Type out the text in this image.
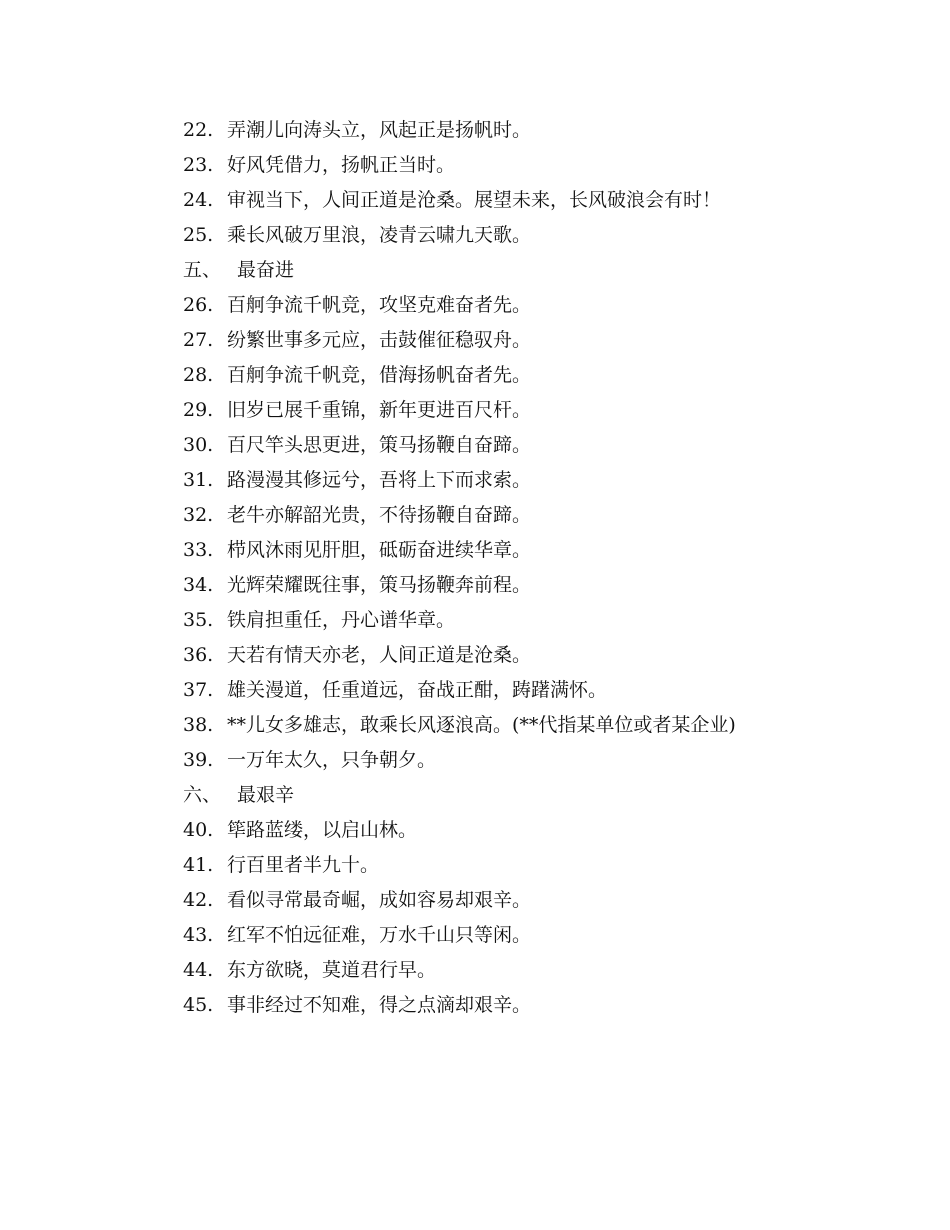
22. 弄潮儿向涛头立，风起正是扬帆时。
23. 好风凭借力，扬帆正当时。
24. 审视当下，人间正道是沧桑。展望未来，长风破浪会有时！
25. 乘长风破万里浪，凌青云啸九天歌。
五、 最奋进
26. 百舸争流千帆竞，攻坚克难奋者先。
27. 纷繁世事多元应，击鼓催征稳驭舟。
28. 百舸争流千帆竞，借海扬帆奋者先。
29. 旧岁已展千重锦，新年更进百尺杆。
30. 百尺竿头思更进，策马扬鞭自奋蹄。
31. 路漫漫其修远兮，吾将上下而求索。
32. 老牛亦解韶光贵，不待扬鞭自奋蹄。
33. 栉风沐雨见肝胆，砥砺奋进续华章。
34. 光辉荣耀既往事，策马扬鞭奔前程。
35. 铁肩担重任，丹心谱华章。
36. 天若有情天亦老，人间正道是沧桑。
37. 雄关漫道，任重道远，奋战正酣，踌躇满怀。
38. **儿女多雄志，敢乘长风逐浪高。(**代指某单位或者某企业)
39. 一万年太久，只争朝夕。
六、 最艰辛
40. 筚路蓝缕，以启山林。
41. 行百里者半九十。
42. 看似寻常最奇崛，成如容易却艰辛。
43. 红军不怕远征难，万水千山只等闲。
44. 东方欲晓，莫道君行早。
45. 事非经过不知难，得之点滴却艰辛。
